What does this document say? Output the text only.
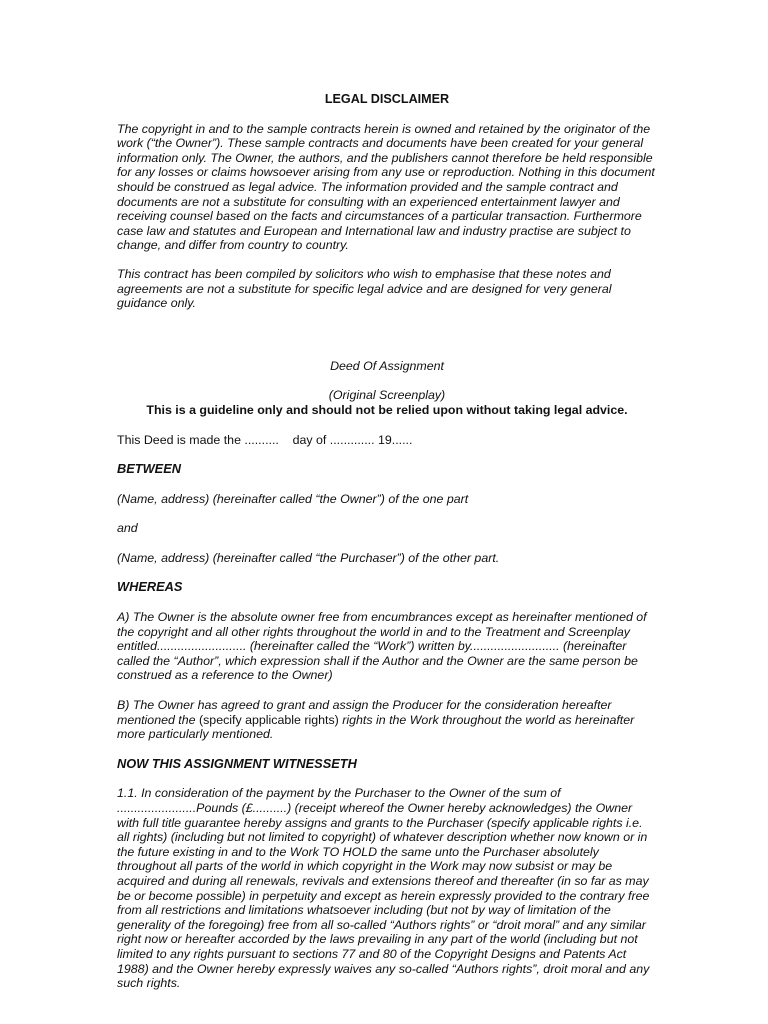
LEGAL DISCLAIMER

The copyright in and to the sample contracts herein is owned and retained by the originator of the work (“the Owner”). These sample contracts and documents have been created for your general information only. The Owner, the authors, and the publishers cannot therefore be held responsible for any losses or claims howsoever arising from any use or reproduction. Nothing in this document should be construed as legal advice. The information provided and the sample contract and documents are not a substitute for consulting with an experienced entertainment lawyer and receiving counsel based on the facts and circumstances of a particular transaction. Furthermore case law and statutes and European and International law and industry practise are subject to change, and differ from country to country.

This contract has been compiled by solicitors who wish to emphasise that these notes and agreements are not a substitute for specific legal advice and are designed for very general guidance only.

Deed Of Assignment

(Original Screenplay)

This is a guideline only and should not be relied upon without taking legal advice.

This Deed is made the ..........    day of ............. 19......

BETWEEN

(Name, address) (hereinafter called “the Owner”) of the one part

and

(Name, address) (hereinafter called “the Purchaser”) of the other part.

WHEREAS

A) The Owner is the absolute owner free from encumbrances except as hereinafter mentioned of the copyright and all other rights throughout the world in and to the Treatment and Screenplay entitled.......................... (hereinafter called the “Work”) written by.......................... (hereinafter called the “Author”, which expression shall if the Author and the Owner are the same person be construed as a reference to the Owner)

B) The Owner has agreed to grant and assign the Producer for the consideration hereafter mentioned the (specify applicable rights) rights in the Work throughout the world as hereinafter more particularly mentioned.

NOW THIS ASSIGNMENT WITNESSETH

1.1. In consideration of the payment by the Purchaser to the Owner of the sum of .......................Pounds (£..........) (receipt whereof the Owner hereby acknowledges) the Owner with full title guarantee hereby assigns and grants to the Purchaser (specify applicable rights i.e. all rights) (including but not limited to copyright) of whatever description whether now known or in the future existing in and to the Work TO HOLD the same unto the Purchaser absolutely throughout all parts of the world in which copyright in the Work may now subsist or may be acquired and during all renewals, revivals and extensions thereof and thereafter (in so far as may be or become possible) in perpetuity and except as herein expressly provided to the contrary free from all restrictions and limitations whatsoever including (but not by way of limitation of the generality of the foregoing) free from all so-called “Authors rights” or “droit moral” and any similar right now or hereafter accorded by the laws prevailing in any part of the world (including but not limited to any rights pursuant to sections 77 and 80 of the Copyright Designs and Patents Act 1988) and the Owner hereby expressly waives any so-called “Authors rights”, droit moral and any such rights.
